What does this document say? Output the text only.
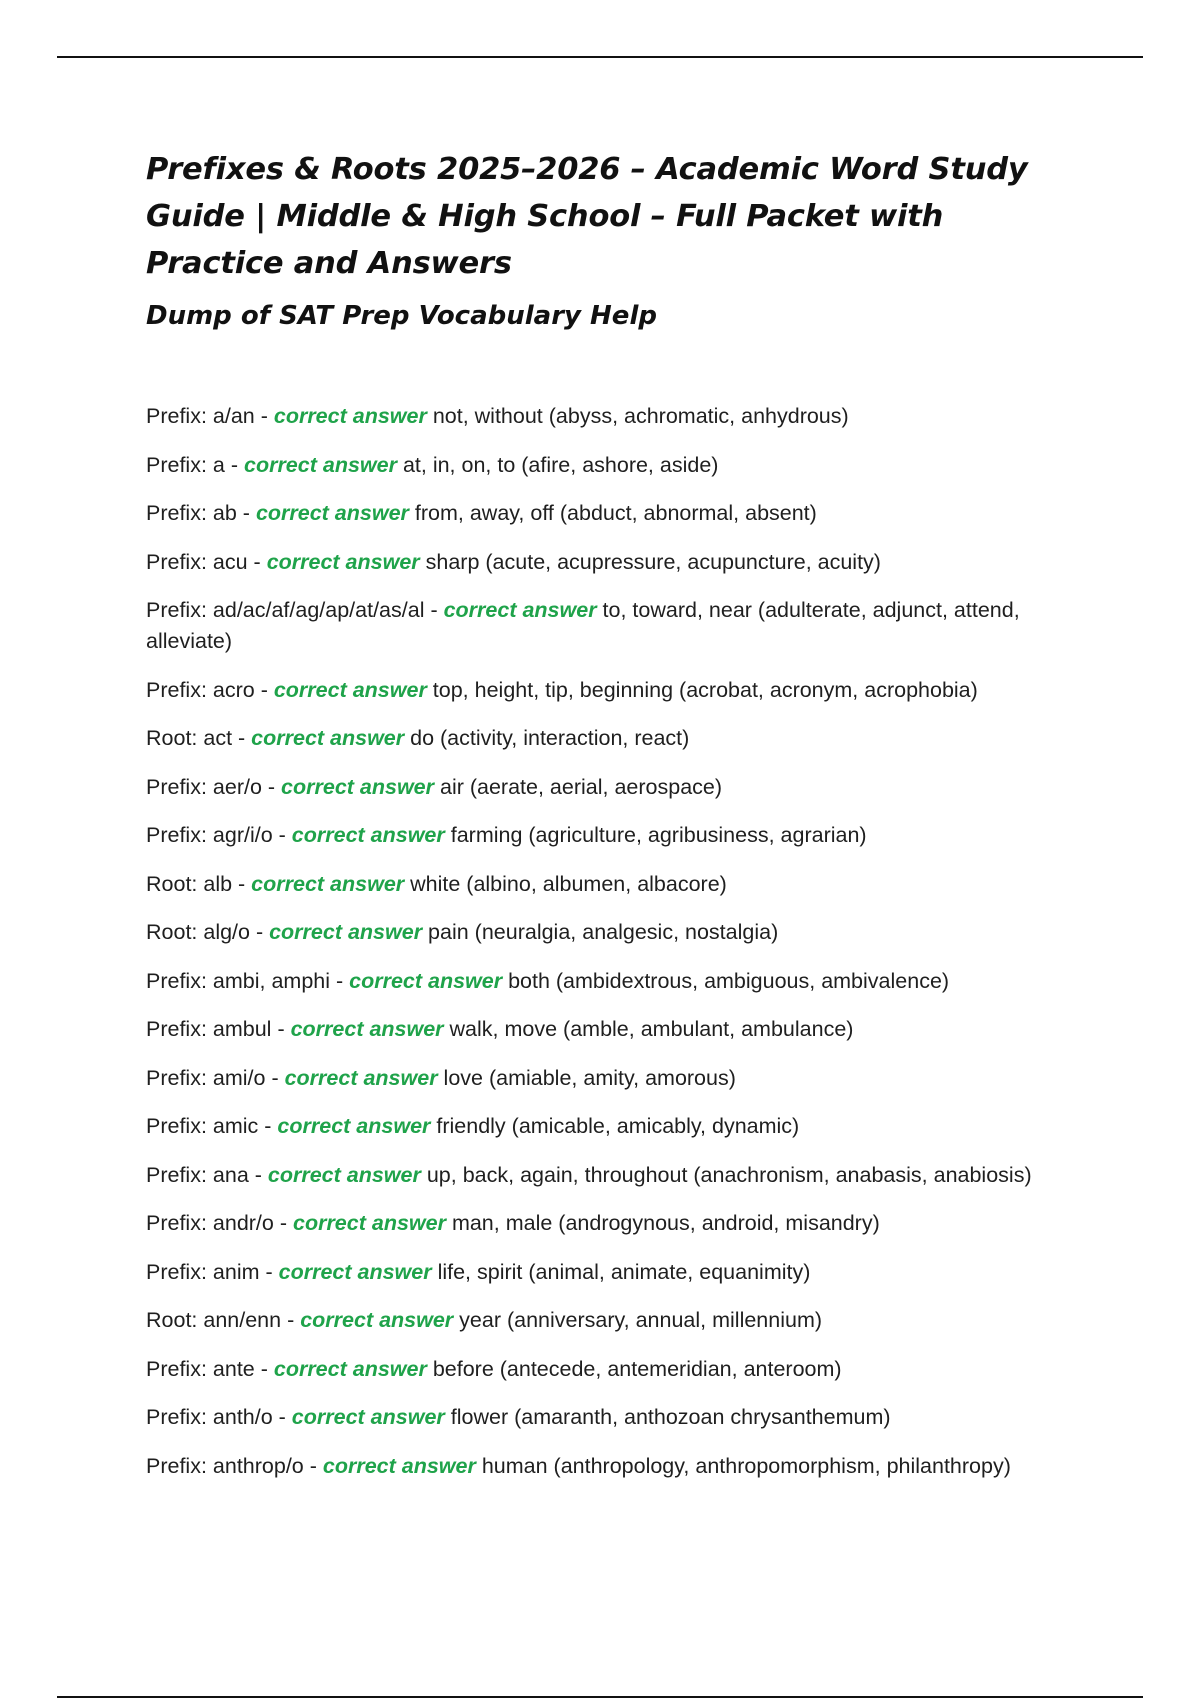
Prefixes & Roots 2025–2026 – Academic Word Study Guide | Middle & High School – Full Packet with Practice and Answers
Dump of SAT Prep Vocabulary Help
Prefix: a/an - correct answer not, without (abyss, achromatic, anhydrous)
Prefix: a - correct answer at, in, on, to (afire, ashore, aside)
Prefix: ab - correct answer from, away, off (abduct, abnormal, absent)
Prefix: acu - correct answer sharp (acute, acupressure, acupuncture, acuity)
Prefix: ad/ac/af/ag/ap/at/as/al - correct answer to, toward, near (adulterate, adjunct, attend, alleviate)
Prefix: acro - correct answer top, height, tip, beginning (acrobat, acronym, acrophobia)
Root: act - correct answer do (activity, interaction, react)
Prefix: aer/o - correct answer air (aerate, aerial, aerospace)
Prefix: agr/i/o - correct answer farming (agriculture, agribusiness, agrarian)
Root: alb - correct answer white (albino, albumen, albacore)
Root: alg/o - correct answer pain (neuralgia, analgesic, nostalgia)
Prefix: ambi, amphi - correct answer both (ambidextrous, ambiguous, ambivalence)
Prefix: ambul - correct answer walk, move (amble, ambulant, ambulance)
Prefix: ami/o - correct answer love (amiable, amity, amorous)
Prefix: amic - correct answer friendly (amicable, amicably, dynamic)
Prefix: ana - correct answer up, back, again, throughout (anachronism, anabasis, anabiosis)
Prefix: andr/o - correct answer man, male (androgynous, android, misandry)
Prefix: anim - correct answer life, spirit (animal, animate, equanimity)
Root: ann/enn - correct answer year (anniversary, annual, millennium)
Prefix: ante - correct answer before (antecede, antemeridian, anteroom)
Prefix: anth/o - correct answer flower (amaranth, anthozoan chrysanthemum)
Prefix: anthrop/o - correct answer human (anthropology, anthropomorphism, philanthropy)
